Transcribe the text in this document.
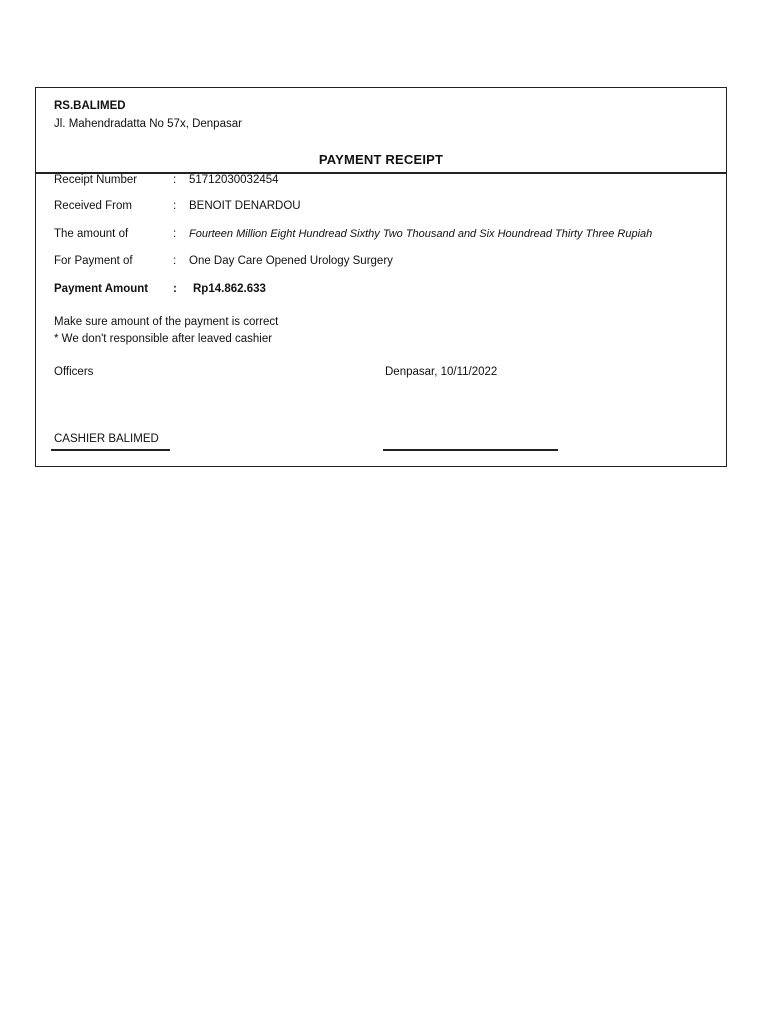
RS.BALIMED
Jl. Mahendradatta No 57x, Denpasar
PAYMENT RECEIPT
Receipt Number	: 51712030032454
Received From	: BENOIT DENARDOU
The amount of	: Fourteen Million Eight Hundread Sixthy Two Thousand and Six Houndread Thirty Three Rupiah
For Payment of	: One Day Care Opened Urology Surgery
Payment Amount : Rp14.862.633
Make sure amount of the payment is correct
* We don't responsible after leaved cashier
Officers	Denpasar, 10/11/2022
CASHIER BALIMED
